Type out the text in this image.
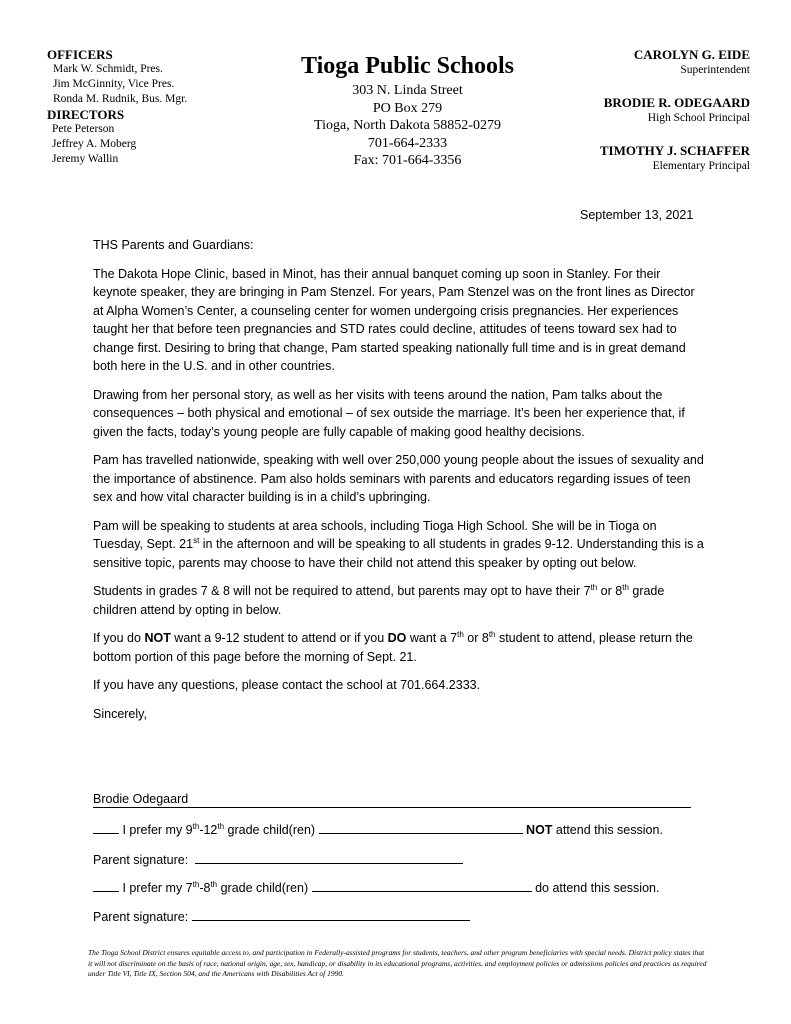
OFFICERS
Mark W. Schmidt, Pres.
Jim McGinnity, Vice Pres.
Ronda M. Rudnik, Bus. Mgr.
DIRECTORS
Pete Peterson
Jeffrey A. Moberg
Jeremy Wallin
Tioga Public Schools
303 N. Linda Street
PO Box 279
Tioga, North Dakota 58852-0279
701-664-2333
Fax: 701-664-3356
CAROLYN G. EIDE
Superintendent
BRODIE R. ODEGAARD
High School Principal
TIMOTHY J. SCHAFFER
Elementary Principal
September 13, 2021

THS Parents and Guardians:

The Dakota Hope Clinic, based in Minot, has their annual banquet coming up soon in Stanley. For their keynote speaker, they are bringing in Pam Stenzel. For years, Pam Stenzel was on the front lines as Director at Alpha Women’s Center, a counseling center for women undergoing crisis pregnancies. Her experiences taught her that before teen pregnancies and STD rates could decline, attitudes of teens toward sex had to change first. Desiring to bring that change, Pam started speaking nationally full time and is in great demand both here in the U.S. and in other countries.

Drawing from her personal story, as well as her visits with teens around the nation, Pam talks about the consequences – both physical and emotional – of sex outside the marriage. It’s been her experience that, if given the facts, today’s young people are fully capable of making good healthy decisions.

Pam has travelled nationwide, speaking with well over 250,000 young people about the issues of sexuality and the importance of abstinence. Pam also holds seminars with parents and educators regarding issues of teen sex and how vital character building is in a child’s upbringing.

Pam will be speaking to students at area schools, including Tioga High School. She will be in Tioga on Tuesday, Sept. 21st in the afternoon and will be speaking to all students in grades 9-12. Understanding this is a sensitive topic, parents may choose to have their child not attend this speaker by opting out below.

Students in grades 7 & 8 will not be required to attend, but parents may opt to have their 7th or 8th grade children attend by opting in below.

If you do NOT want a 9-12 student to attend or if you DO want a 7th or 8th student to attend, please return the bottom portion of this page before the morning of Sept. 21.

If you have any questions, please contact the school at 701.664.2333.

Sincerely,

Brodie Odegaard
I prefer my 9th-12th grade child(ren)	NOT attend this session.
Parent signature:
I prefer my 7th-8th grade child(ren)	do attend this session.
Parent signature:
The Tioga School District ensures equitable access to, and participation in Federally-assisted programs for students, teachers, and other program beneficiaries with special needs. District policy states that it will not discriminate on the basis of race, national origin, age, sex, handicap, or disability in its educational programs, activities, and employment policies or admissions policies and practices as required under Title VI, Title IX, Section 504, and the Americans with Disabilities Act of 1990.
